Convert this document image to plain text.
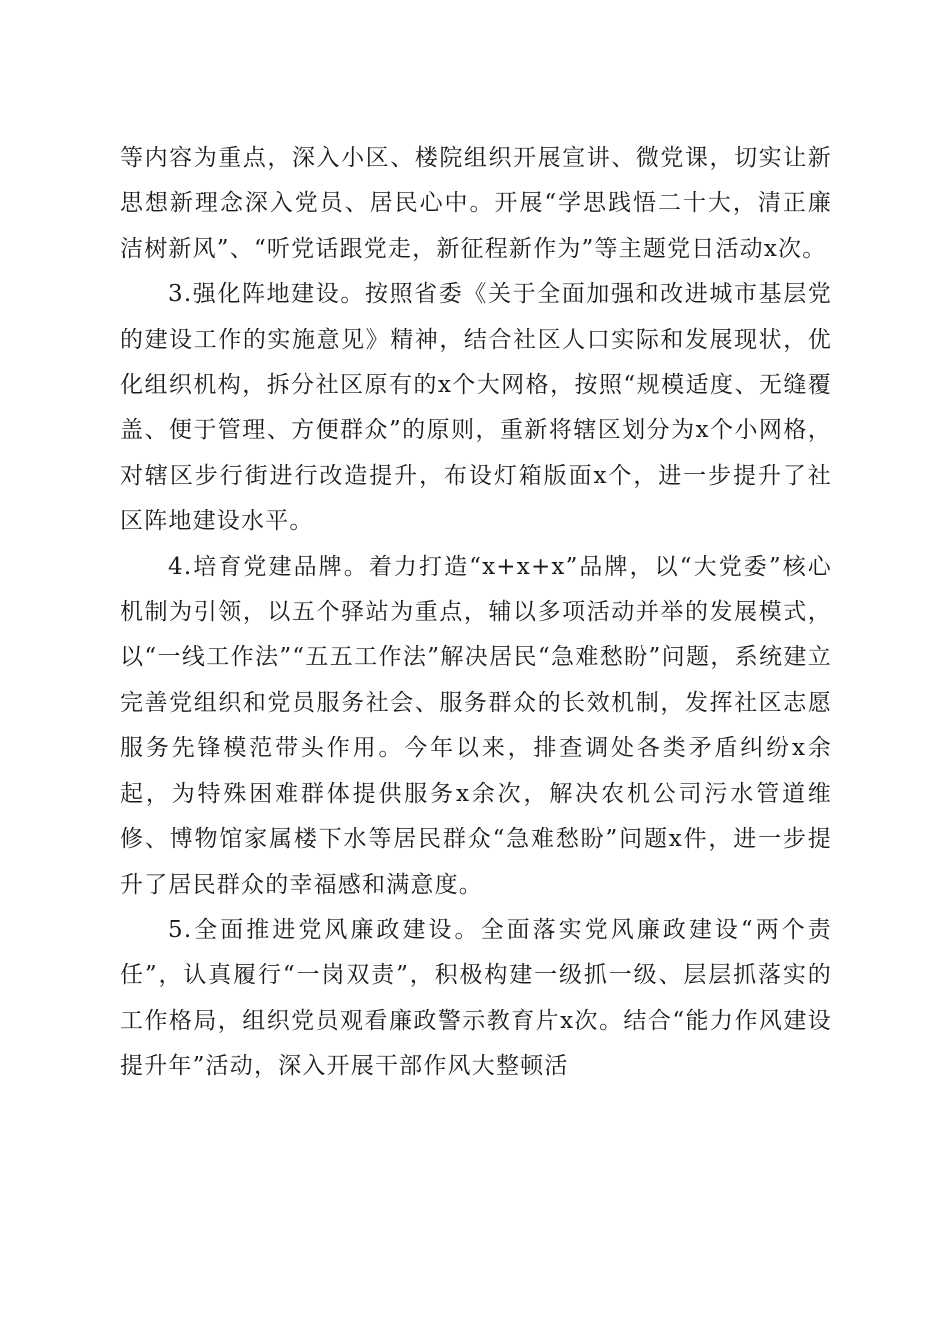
等内容为重点，深入小区、楼院组织开展宣讲、微党课，切实让新思想新理念深入党员、居民心中。开展“学思践悟二十大，清正廉洁树新风”、“听党话跟党走，新征程新作为”等主题党日活动x次。

3.强化阵地建设。按照省委《关于全面加强和改进城市基层党的建设工作的实施意见》精神，结合社区人口实际和发展现状，优化组织机构，拆分社区原有的x个大网格，按照“规模适度、无缝覆盖、便于管理、方便群众”的原则，重新将辖区划分为x个小网格，对辖区步行街进行改造提升，布设灯箱版面x个，进一步提升了社区阵地建设水平。

4.培育党建品牌。着力打造“x+x+x”品牌，以“大党委”核心机制为引领，以五个驿站为重点，辅以多项活动并举的发展模式，以“一线工作法”“五五工作法”解决居民“急难愁盼”问题，系统建立完善党组织和党员服务社会、服务群众的长效机制，发挥社区志愿服务先锋模范带头作用。今年以来，排查调处各类矛盾纠纷x余起，为特殊困难群体提供服务x余次，解决农机公司污水管道维修、博物馆家属楼下水等居民群众“急难愁盼”问题x件，进一步提升了居民群众的幸福感和满意度。

5.全面推进党风廉政建设。全面落实党风廉政建设“两个责任”，认真履行“一岗双责”，积极构建一级抓一级、层层抓落实的工作格局，组织党员观看廉政警示教育片x次。结合“能力作风建设提升年”活动，深入开展干部作风大整顿活
